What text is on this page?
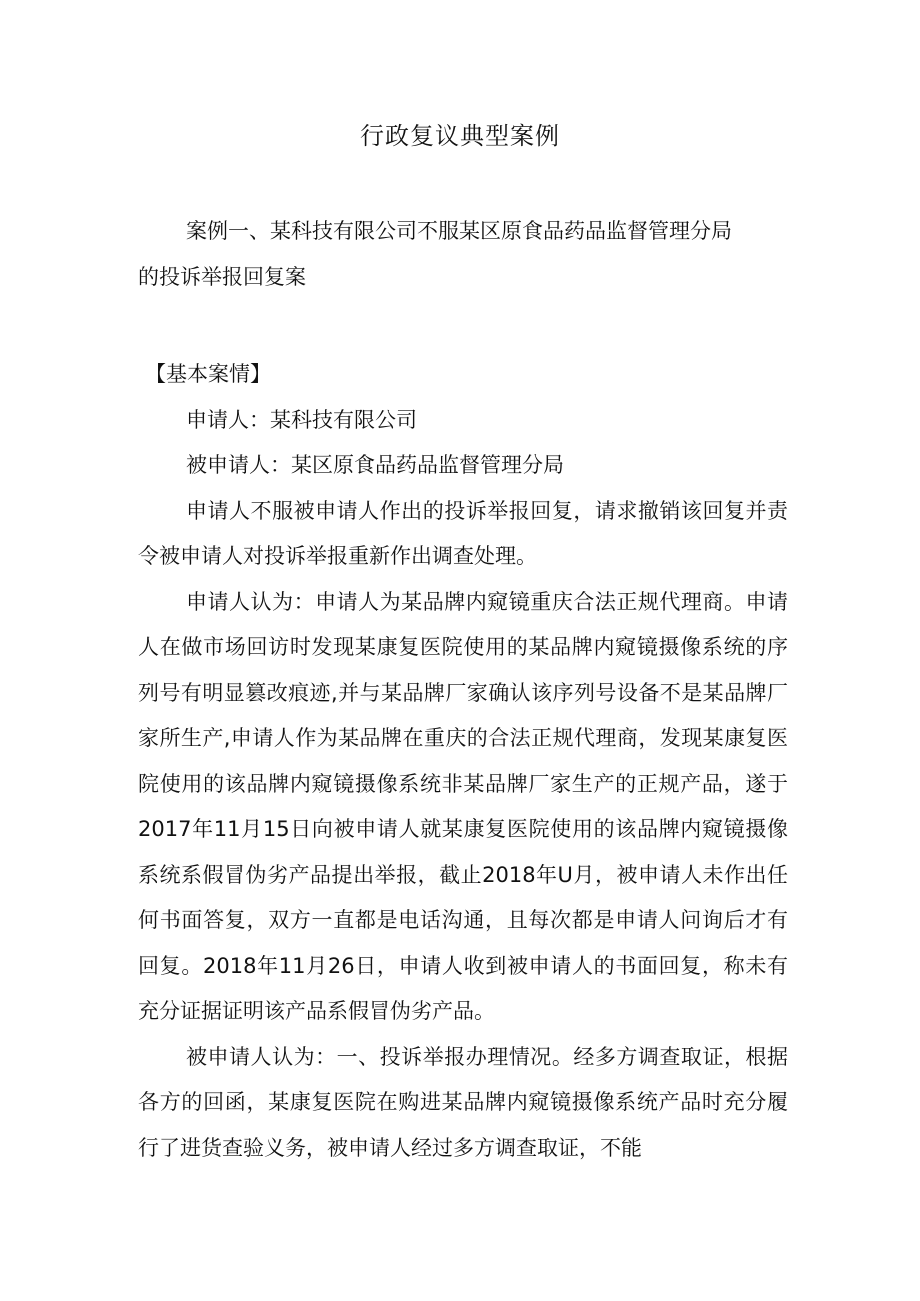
行政复议典型案例
案例一、某科技有限公司不服某区原食品药品监督管理分局
的投诉举报回复案

【基本案情】

申请人：某科技有限公司

被申请人：某区原食品药品监督管理分局

申请人不服被申请人作出的投诉举报回复，请求撤销该回复并责令被申请人对投诉举报重新作出调查处理。

申请人认为：申请人为某品牌内窥镜重庆合法正规代理商。申请人在做市场回访时发现某康复医院使用的某品牌内窥镜摄像系统的序列号有明显篡改痕迹,并与某品牌厂家确认该序列号设备不是某品牌厂家所生产,申请人作为某品牌在重庆的合法正规代理商，发现某康复医院使用的该品牌内窥镜摄像系统非某品牌厂家生产的正规产品，遂于2017年11月15日向被申请人就某康复医院使用的该品牌内窥镜摄像系统系假冒伪劣产品提出举报，截止2018年U月，被申请人未作出任何书面答复，双方一直都是电话沟通，且每次都是申请人问询后才有回复。2018年11月26日，申请人收到被申请人的书面回复，称未有充分证据证明该产品系假冒伪劣产品。

被申请人认为：一、投诉举报办理情况。经多方调查取证，根据各方的回函，某康复医院在购进某品牌内窥镜摄像系统产品时充分履行了进货查验义务，被申请人经过多方调查取证，不能
